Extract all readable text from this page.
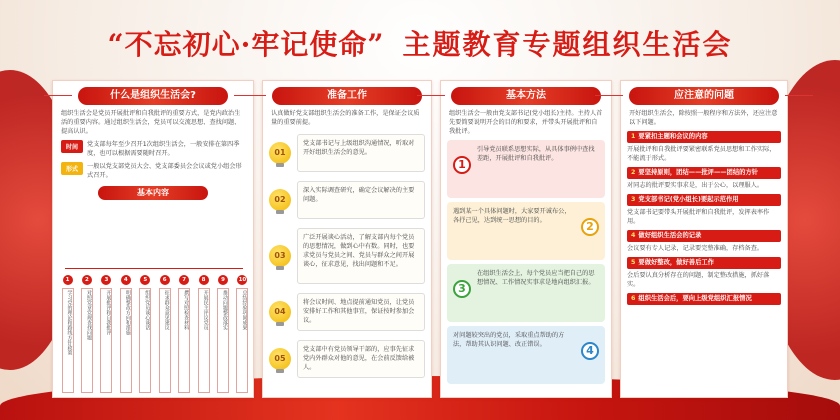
“不忘初心·牢记使命” 主题教育专题组织生活会
什么是组织生活会?
组织生活会是党员开展批评和自我批评的重要方式，是党内政治生活的重要内容。通过组织生活会，党员可以交流思想、查找问题、提高认识。
时间	党支部每年至少召开1次组织生活会，一般安排在第四季度，也可以根据需要随时召开。
形式	一般以党支部党员大会、党支部委员会会议或党小组会形式召开。
基本内容
1
学习党的理论和路线方针政策
2
对照党章党规查找问题
3
开展批评和自我批评
4
明确整改方向和措施
5
组织党员谈心谈话
6
征求群众意见建议
7
撰写对照检查材料
8
开展民主评议党员
9
推动问题整改落实
10
总结经验巩固成果
准备工作
认真做好党支部组织生活会的准备工作，是保证会议质量的重要前提。
01
党支部书记与上级组织沟通情况，听取对开好组织生活会的意见。
02
深入实际调查研究，确定会议解决的主要问题。
03
广泛开展谈心活动，了解支部内每个党员的思想情况，做到心中有数。同时，也要求党员与党员之间、党员与群众之间开展谈心，征求意见，找出问题和不足。
04
将会议时间、地点提前通知党员，让党员安排好工作和其他事宜，保证按时参加会议。
05
党支部中有党员领导干部的，应事先征求党内外群众对他的意见，在会前反馈给被人。
基本方法
组织生活会一般由党支部书记(党小组长)主持。主持人首先要简要说明开会的目的和要求，并带头开展批评和自我批评。
1
引导党员联系思想实际，从具体事例中查找差距，开展批评和自我批评。
2
遇到某一个具体问题时，大家要开诚布公，各抒己见，达到统一思想的目的。
3
在组织生活会上，每个党员应当把自己的思想情况、工作情况实事求是地向组织汇报。
4
对问题较突出的党员，采取重点帮助的方法，帮助其认识问题、改正错误。
应注意的问题
开好组织生活会，除按照一般程序和方法外，还应注意以下问题。
1 要紧扣主题和会议的内容
开展批评和自我批评要紧密联系党员思想和工作实际，不能流于形式。
2 要坚持原则，团结——批评——团结的方针
对同志的批评要实事求是，出于公心，以理服人。
3 党支部书记(党小组长)要起示范作用
党支部书记要带头开展批评和自我批评，发挥表率作用。
4 做好组织生活会的记录
会议要有专人记录，记录要完整准确，存档备查。
5 要做好整改，做好善后工作
会后要认真分析存在的问题，制定整改措施，抓好落实。
6 组织生活会后，要向上级党组织汇报情况
